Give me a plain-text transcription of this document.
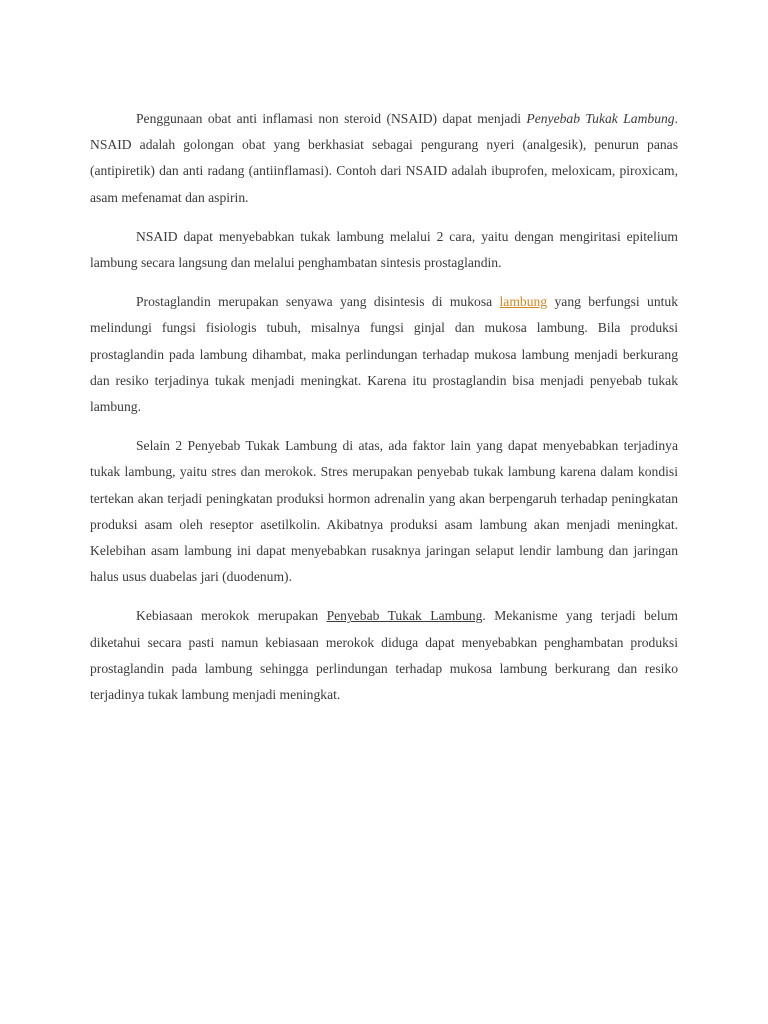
Penggunaan obat anti inflamasi non steroid (NSAID) dapat menjadi Penyebab Tukak Lambung. NSAID adalah golongan obat yang berkhasiat sebagai pengurang nyeri (analgesik), penurun panas (antipiretik) dan anti radang (antiinflamasi). Contoh dari NSAID adalah ibuprofen, meloxicam, piroxicam, asam mefenamat dan aspirin.

NSAID dapat menyebabkan tukak lambung melalui 2 cara, yaitu dengan mengiritasi epitelium lambung secara langsung dan melalui penghambatan sintesis prostaglandin.

Prostaglandin merupakan senyawa yang disintesis di mukosa lambung yang berfungsi untuk melindungi fungsi fisiologis tubuh, misalnya fungsi ginjal dan mukosa lambung. Bila produksi prostaglandin pada lambung dihambat, maka perlindungan terhadap mukosa lambung menjadi berkurang dan resiko terjadinya tukak menjadi meningkat. Karena itu prostaglandin bisa menjadi penyebab tukak lambung.

Selain 2 Penyebab Tukak Lambung di atas, ada faktor lain yang dapat menyebabkan terjadinya tukak lambung, yaitu stres dan merokok. Stres merupakan penyebab tukak lambung karena dalam kondisi tertekan akan terjadi peningkatan produksi hormon adrenalin yang akan berpengaruh terhadap peningkatan produksi asam oleh reseptor asetilkolin. Akibatnya produksi asam lambung akan menjadi meningkat. Kelebihan asam lambung ini dapat menyebabkan rusaknya jaringan selaput lendir lambung dan jaringan halus usus duabelas jari (duodenum).

Kebiasaan merokok merupakan Penyebab Tukak Lambung. Mekanisme yang terjadi belum diketahui secara pasti namun kebiasaan merokok diduga dapat menyebabkan penghambatan produksi prostaglandin pada lambung sehingga perlindungan terhadap mukosa lambung berkurang dan resiko terjadinya tukak lambung menjadi meningkat.
